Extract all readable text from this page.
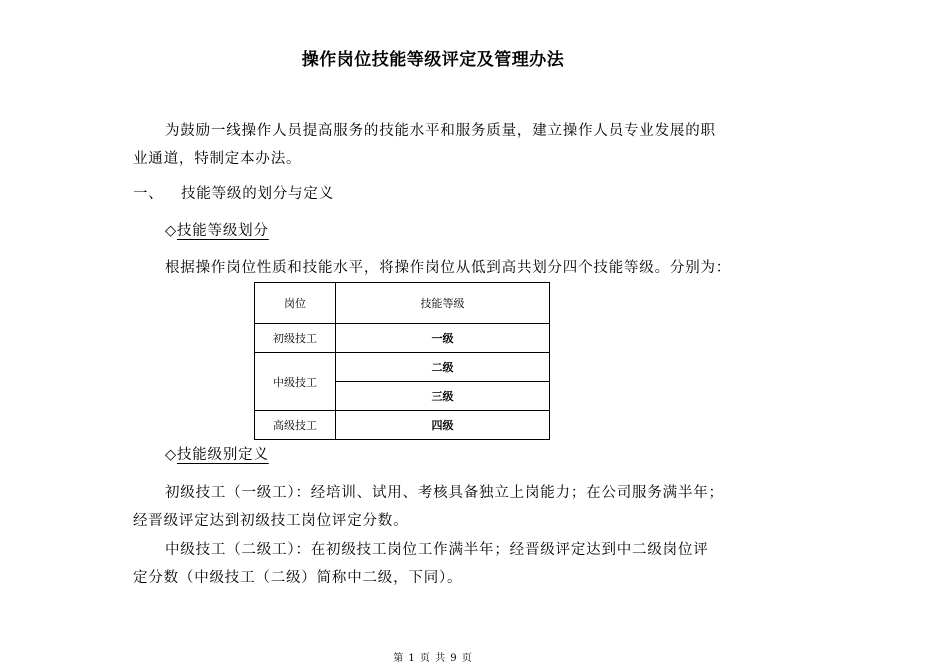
操作岗位技能等级评定及管理办法
为鼓励一线操作人员提高服务的技能水平和服务质量，建立操作人员专业发展的职
业通道，特制定本办法。
一、 技能等级的划分与定义
◇技能等级划分
根据操作岗位性质和技能水平，将操作岗位从低到高共划分四个技能等级。分别为：
岗位	技能等级
初级技工	一级
中级技工	二级
	三级
高级技工	四级
◇技能级别定义
初级技工（一级工）：经培训、试用、考核具备独立上岗能力；在公司服务满半年；
经晋级评定达到初级技工岗位评定分数。
中级技工（二级工）：在初级技工岗位工作满半年；经晋级评定达到中二级岗位评
定分数（中级技工（二级）简称中二级，下同）。
第 1 页 共 9 页
